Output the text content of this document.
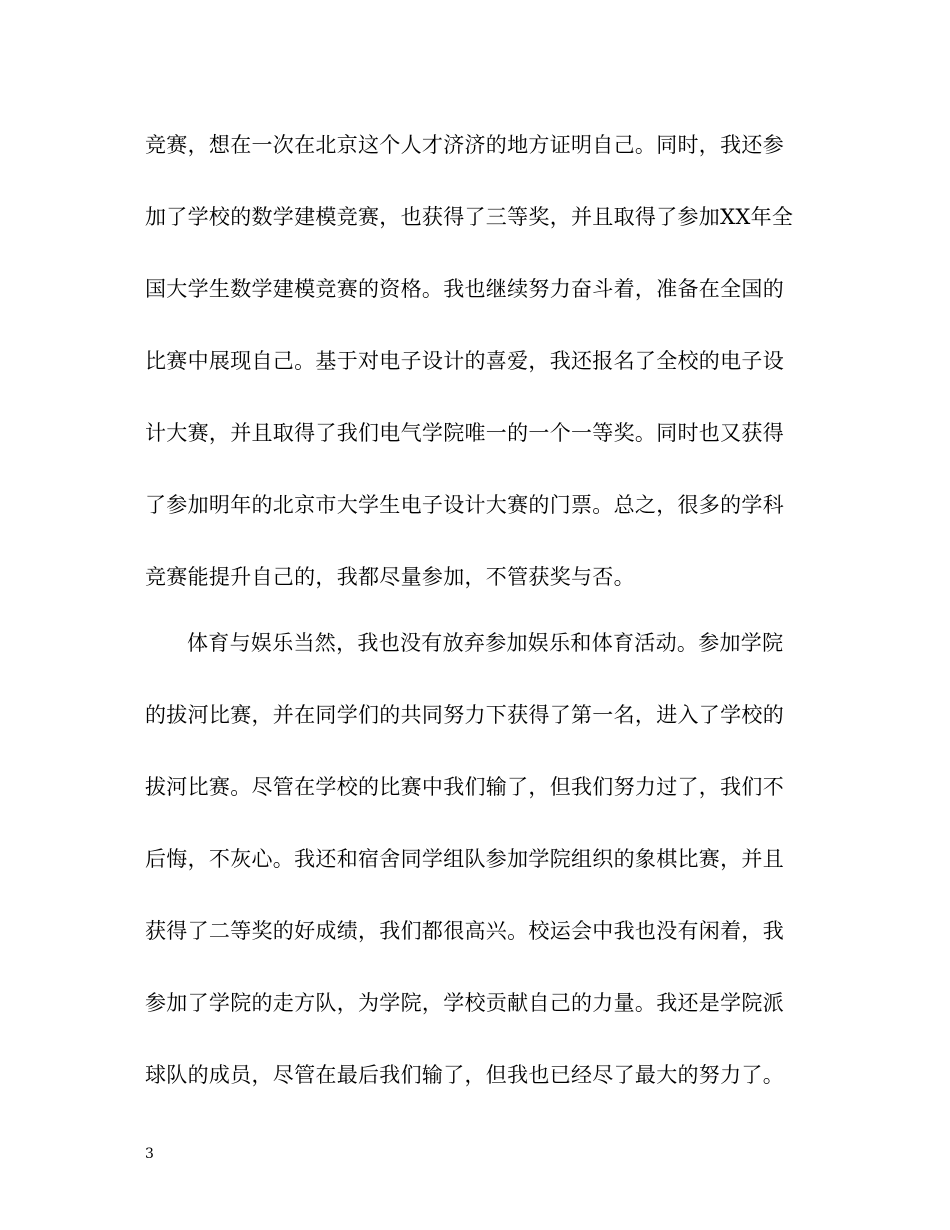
竞赛，想在一次在北京这个人才济济的地方证明自己。同时，我还参
加了学校的数学建模竞赛，也获得了三等奖，并且取得了参加XX年全
国大学生数学建模竞赛的资格。我也继续努力奋斗着，准备在全国的
比赛中展现自己。基于对电子设计的喜爱，我还报名了全校的电子设
计大赛，并且取得了我们电气学院唯一的一个一等奖。同时也又获得
了参加明年的北京市大学生电子设计大赛的门票。总之，很多的学科
竞赛能提升自己的，我都尽量参加，不管获奖与否。
体育与娱乐当然，我也没有放弃参加娱乐和体育活动。参加学院
的拔河比赛，并在同学们的共同努力下获得了第一名，进入了学校的
拔河比赛。尽管在学校的比赛中我们输了，但我们努力过了，我们不
后悔，不灰心。我还和宿舍同学组队参加学院组织的象棋比赛，并且
获得了二等奖的好成绩，我们都很高兴。校运会中我也没有闲着，我
参加了学院的走方队，为学院，学校贡献自己的力量。我还是学院派
球队的成员，尽管在最后我们输了，但我也已经尽了最大的努力了。
3
